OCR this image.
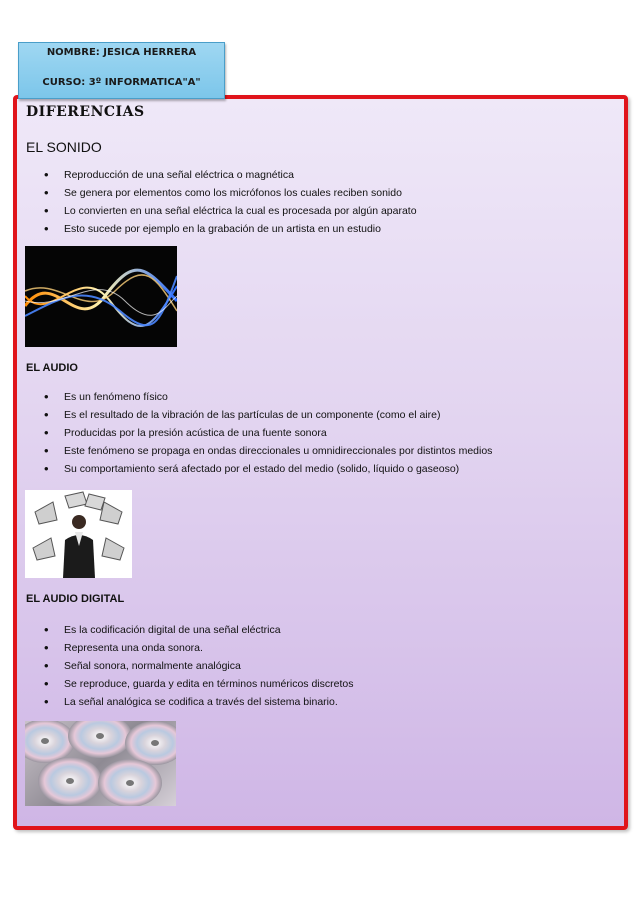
NOMBRE: JESICA HERRERA
CURSO: 3º INFORMATICA"A"
DIFERENCIAS
EL SONIDO
• Reproducción de una señal eléctrica o magnética
• Se genera por elementos como los micrófonos los cuales reciben sonido
• Lo convierten en una señal eléctrica la cual es procesada por algún aparato
• Esto sucede por ejemplo en la grabación de un artista en un estudio
EL AUDIO
• Es un fenómeno físico
• Es el resultado de la vibración de las partículas de un componente (como el aire)
• Producidas por la presión acústica de una fuente sonora
• Este fenómeno se propaga en ondas direccionales u omnidireccionales por distintos medios
• Su comportamiento será afectado por el estado del medio (solido, líquido o gaseoso)
EL AUDIO DIGITAL
• Es la codificación digital de una señal eléctrica
• Representa una onda sonora.
• Señal sonora, normalmente analógica
• Se reproduce, guarda y edita en términos numéricos discretos
• La señal analógica se codifica a través del sistema binario.
